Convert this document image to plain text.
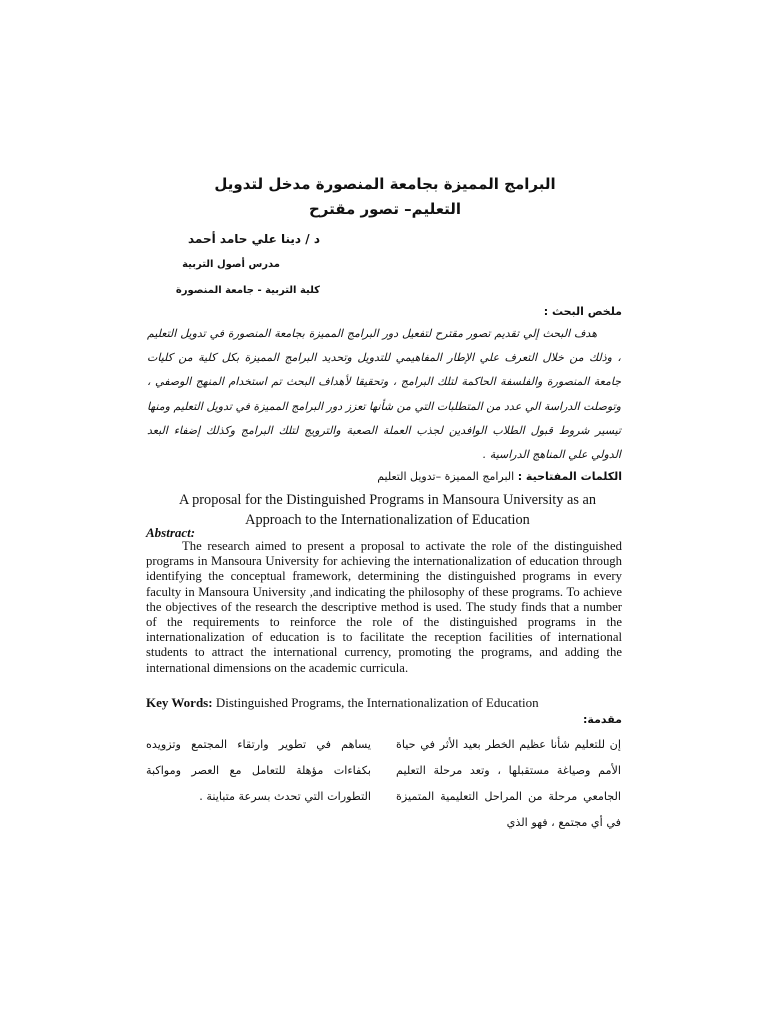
البرامج المميزة بجامعة المنصورة مدخل لتدويل
التعليم– تصور مقترح
د / دينا علي حامد أحمد
مدرس أصول التربية
كلية التربية - جامعة المنصورة
ملخص البحث :

هدف البحث إلي تقديم تصور مقترح لتفعيل دور البرامج المميزة بجامعة المنصورة في تدويل التعليم ، وذلك من خلال التعرف علي الإطار المفاهيمي للتدويل وتحديد البرامج المميزة بكل كلية من كليات جامعة المنصورة والفلسفة الحاكمة لتلك البرامج ، وتحقيقا لأهداف البحث تم استخدام المنهج الوصفي ، وتوصلت الدراسة الي عدد من المتطلبات التي من شأنها تعزز دور البرامج المميزة في تدويل التعليم ومنها تيسير شروط قبول الطلاب الوافدين لجذب العملة الصعبة والترويج لتلك البرامج وكذلك إضفاء البعد الدولي علي المناهج الدراسية .

الكلمات المفتاحية : البرامج المميزة –تدويل التعليم
A proposal for the Distinguished Programs in Mansoura University as an
Approach to the Internationalization of Education
Abstract:
The research aimed to present a proposal to activate the role of the distinguished programs in Mansoura University for achieving the internationalization of education through identifying the conceptual framework, determining the distinguished programs in every faculty in Mansoura University ,and indicating the philosophy of these programs. To achieve the objectives of the research the descriptive method is used. The study finds that a number of the requirements to reinforce the role of the distinguished programs in the internationalization of education is to facilitate the reception facilities of international students to attract the international currency, promoting the programs, and adding the international dimensions on the academic curricula.
Key Words: Distinguished Programs, the Internationalization of Education
مقدمة:

إن للتعليم شأنا عظيم الخطر بعيد الأثر في حياة الأمم وصياغة مستقبلها ، وتعد مرحلة التعليم الجامعي مرحلة من المراحل التعليمية المتميزة في أي مجتمع ، فهو الذي

يساهم في تطوير وارتقاء المجتمع وتزويده بكفاءات مؤهلة للتعامل مع العصر ومواكبة التطورات التي تحدث بسرعة متباينة .
